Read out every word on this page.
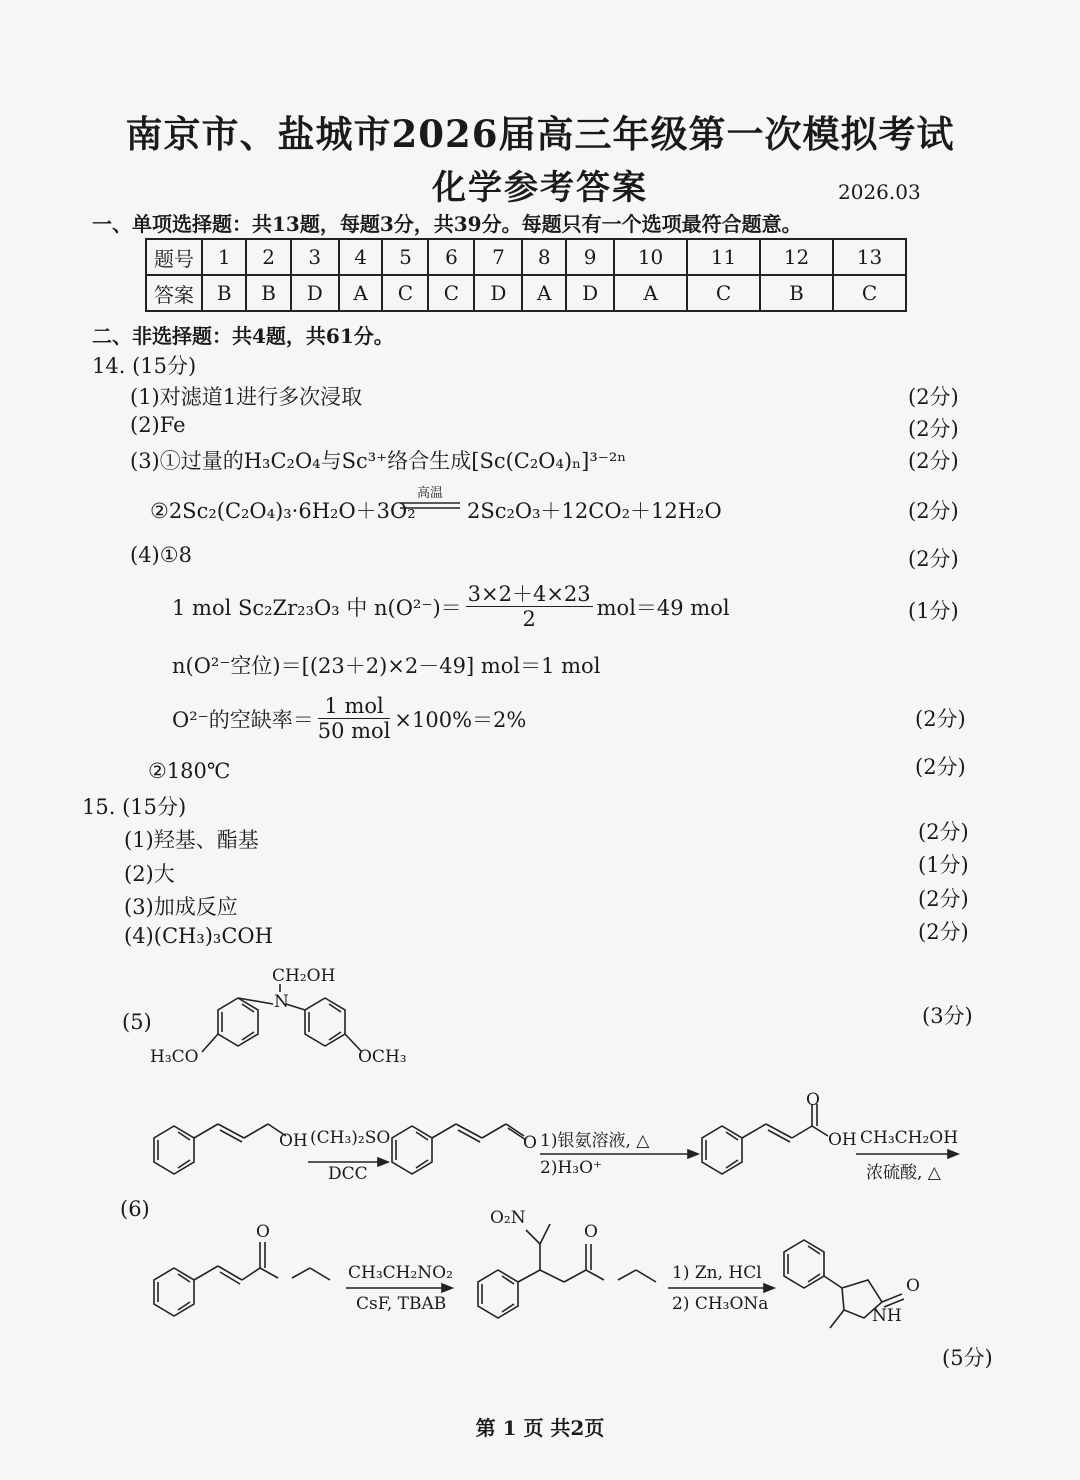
南京市、盐城市2026届高三年级第一次模拟考试
化学参考答案	2026.03
一、单项选择题：共13题，每题3分，共39分。每题只有一个选项最符合题意。
题号	1	2	3	4	5	6	7	8	9	10	11	12	13
答案	B	B	D	A	C	C	D	A	D	A	C	B	C
二、非选择题：共4题，共61分。
14. (15分)
(1)对滤道1进行多次浸取	(2分)
(2)Fe	(2分)
(3)①过量的H₃C₂O₄与Sc³⁺络合生成[Sc(C₂O₄)ₙ]³⁻²ⁿ	(2分)
②2Sc₂(C₂O₄)₃·6H₂O＋3O₂
高温
2Sc₂O₃＋12CO₂＋12H₂O	(2分)
(4)①8	(2分)
1 mol Sc₂Zr₂₃O₃ 中 $n(O^{2-})= \frac{3\times 2+4\times 23}{2} mol=49$ mol	(1分)
n(O²⁻空位)＝[(23＋2)×2－49] mol＝1 mol
O²⁻的空缺率＝ $\frac{\text{1 mol}}{\text{50 mol}} \times 100\%=2\%$	(2分)
②180℃	(2分)
15. (15分)
(1)羟基、酯基	(2分)
(2)大	(1分)
(3)加成反应	(2分)
(4)(CH₃)₃COH	(2分)
(5)	(3分)
CH₂OH
N
H₃CO	OCH₃
(6)
OH (CH₃)₂SO
DCC
O 1)银氨溶液, △
2)H₃O⁺
O
OH CH₃CH₂OH
浓硫酸, △
O
CH₃CH₂NO₂
CsF, TBAB
O₂N
O
1) Zn, HCl
2) CH₃ONa
O
NH
(5分)
第 1 页 共2页
